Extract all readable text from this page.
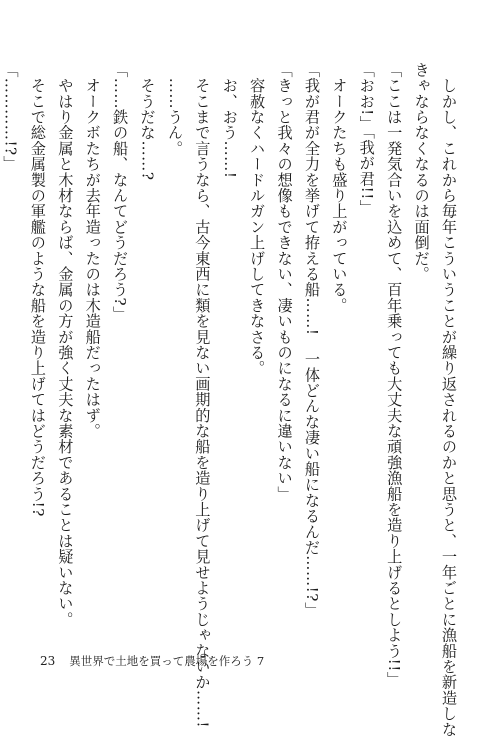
　しかし、これから毎年こういうことが繰り返されるのかと思うと、一年ごとに漁船を新造しな
きゃならなくなるのは面倒だ。
「ここは一発気合いを込めて、百年乗っても大丈夫な頑強漁船を造り上げるとしよう!!」
「おお!」「我が君!!」
　オークたちも盛り上がっている。
「我が君が全力を挙げて拵える船……!　一体どんな凄い船になるんだ……!?」
「きっと我々の想像もできない、凄いものになるに違いない」
　容赦なくハードルガン上げしてきなさる。
　お、おう……!
　そこまで言うなら、古今東西に類を見ない画期的な船を造り上げて見せようじゃないか……!
　……うん。
　そうだな……?
「……鉄の船、なんてどうだろう?」
　オークボたちが去年造ったのは木造船だったはず。
　やはり金属と木材ならば、金属の方が強く丈夫な素材であることは疑いない。
　そこで総金属製の軍艦のような船を造り上げてはどうだろう!?
「…………!?」
23 異世界で土地を買って農場を作ろう 7
